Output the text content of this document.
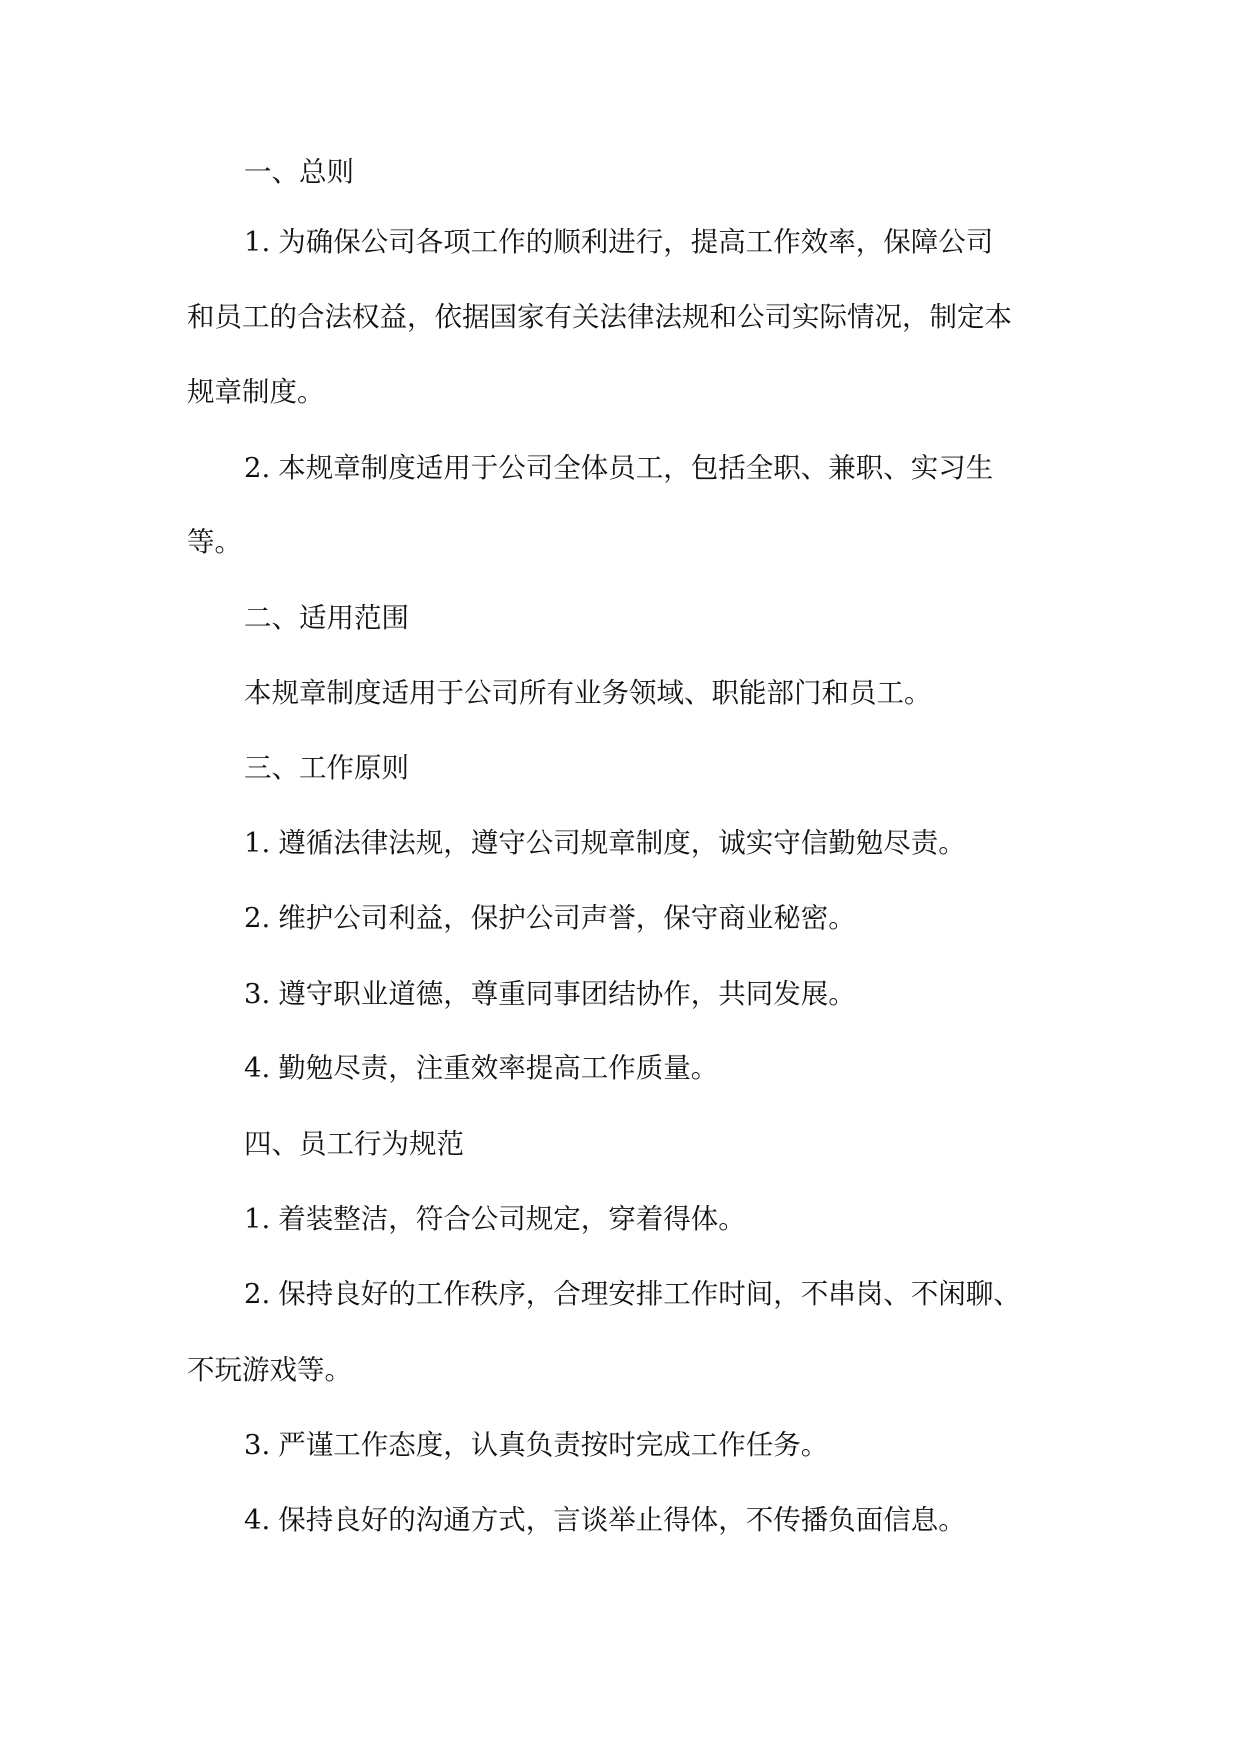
一、总则

1. 为确保公司各项工作的顺利进行，提高工作效率，保障公司

和员工的合法权益，依据国家有关法律法规和公司实际情况，制定本

规章制度。

2. 本规章制度适用于公司全体员工，包括全职、兼职、实习生

等。

二、适用范围

本规章制度适用于公司所有业务领域、职能部门和员工。

三、工作原则

1. 遵循法律法规，遵守公司规章制度，诚实守信勤勉尽责。

2. 维护公司利益，保护公司声誉，保守商业秘密。

3. 遵守职业道德，尊重同事团结协作，共同发展。

4. 勤勉尽责，注重效率提高工作质量。

四、员工行为规范

1. 着装整洁，符合公司规定，穿着得体。

2. 保持良好的工作秩序，合理安排工作时间，不串岗、不闲聊、

不玩游戏等。

3. 严谨工作态度，认真负责按时完成工作任务。

4. 保持良好的沟通方式，言谈举止得体，不传播负面信息。
